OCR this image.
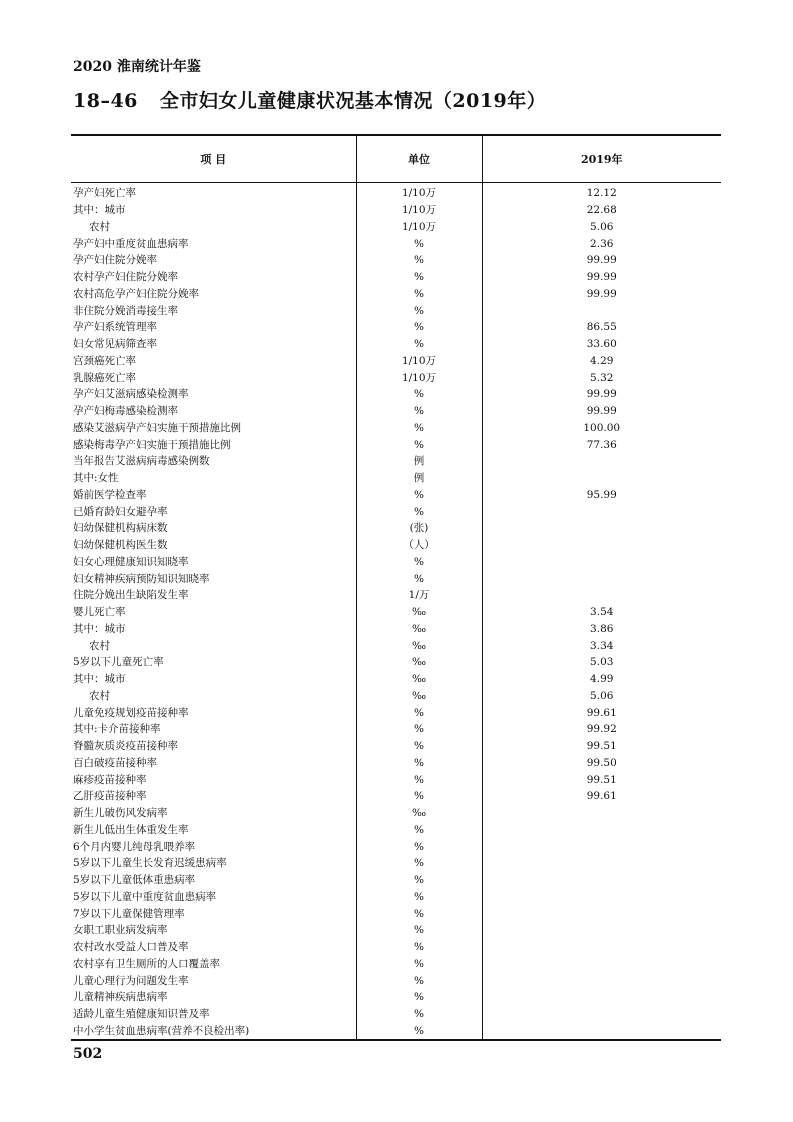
2020 淮南统计年鉴
18–46 全市妇女儿童健康状况基本情况（2019年）
项 目	单位	2019年
孕产妇死亡率	1/10万	12.12
其中：城市	1/10万	22.68
农村	1/10万	5.06
孕产妇中重度贫血患病率	%	2.36
孕产妇住院分娩率	%	99.99
农村孕产妇住院分娩率	%	99.99
农村高危孕产妇住院分娩率	%	99.99
非住院分娩消毒接生率	%	
孕产妇系统管理率	%	86.55
妇女常见病筛查率	%	33.60
宫颈癌死亡率	1/10万	4.29
乳腺癌死亡率	1/10万	5.32
孕产妇艾滋病感染检测率	%	99.99
孕产妇梅毒感染检测率	%	99.99
感染艾滋病孕产妇实施干预措施比例	%	100.00
感染梅毒孕产妇实施干预措施比例	%	77.36
当年报告艾滋病病毒感染例数	例	
其中:女性	例	
婚前医学检查率	%	95.99
已婚育龄妇女避孕率	%	
妇幼保健机构病床数	(张)	
妇幼保健机构医生数	（人）	
妇女心理健康知识知晓率	%	
妇女精神疾病预防知识知晓率	%	
住院分娩出生缺陷发生率	1/万	
婴儿死亡率	‰	3.54
其中：城市	‰	3.86
农村	‰	3.34
5岁以下儿童死亡率	‰	5.03
其中：城市	‰	4.99
农村	‰	5.06
儿童免疫规划疫苗接种率	%	99.61
其中:卡介苗接种率	%	99.92
脊髓灰质炎疫苗接种率	%	99.51
百白破疫苗接种率	%	99.50
麻疹疫苗接种率	%	99.51
乙肝疫苗接种率	%	99.61
新生儿破伤风发病率	‰	
新生儿低出生体重发生率	%	
6个月内婴儿纯母乳喂养率	%	
5岁以下儿童生长发育迟缓患病率	%	
5岁以下儿童低体重患病率	%	
5岁以下儿童中重度贫血患病率	%	
7岁以下儿童保健管理率	%	
女职工职业病发病率	%	
农村改水受益人口普及率	%	
农村享有卫生厕所的人口覆盖率	%	
儿童心理行为问题发生率	%	
儿童精神疾病患病率	%	
适龄儿童生殖健康知识普及率	%	
中小学生贫血患病率(营养不良检出率)	%	
502
